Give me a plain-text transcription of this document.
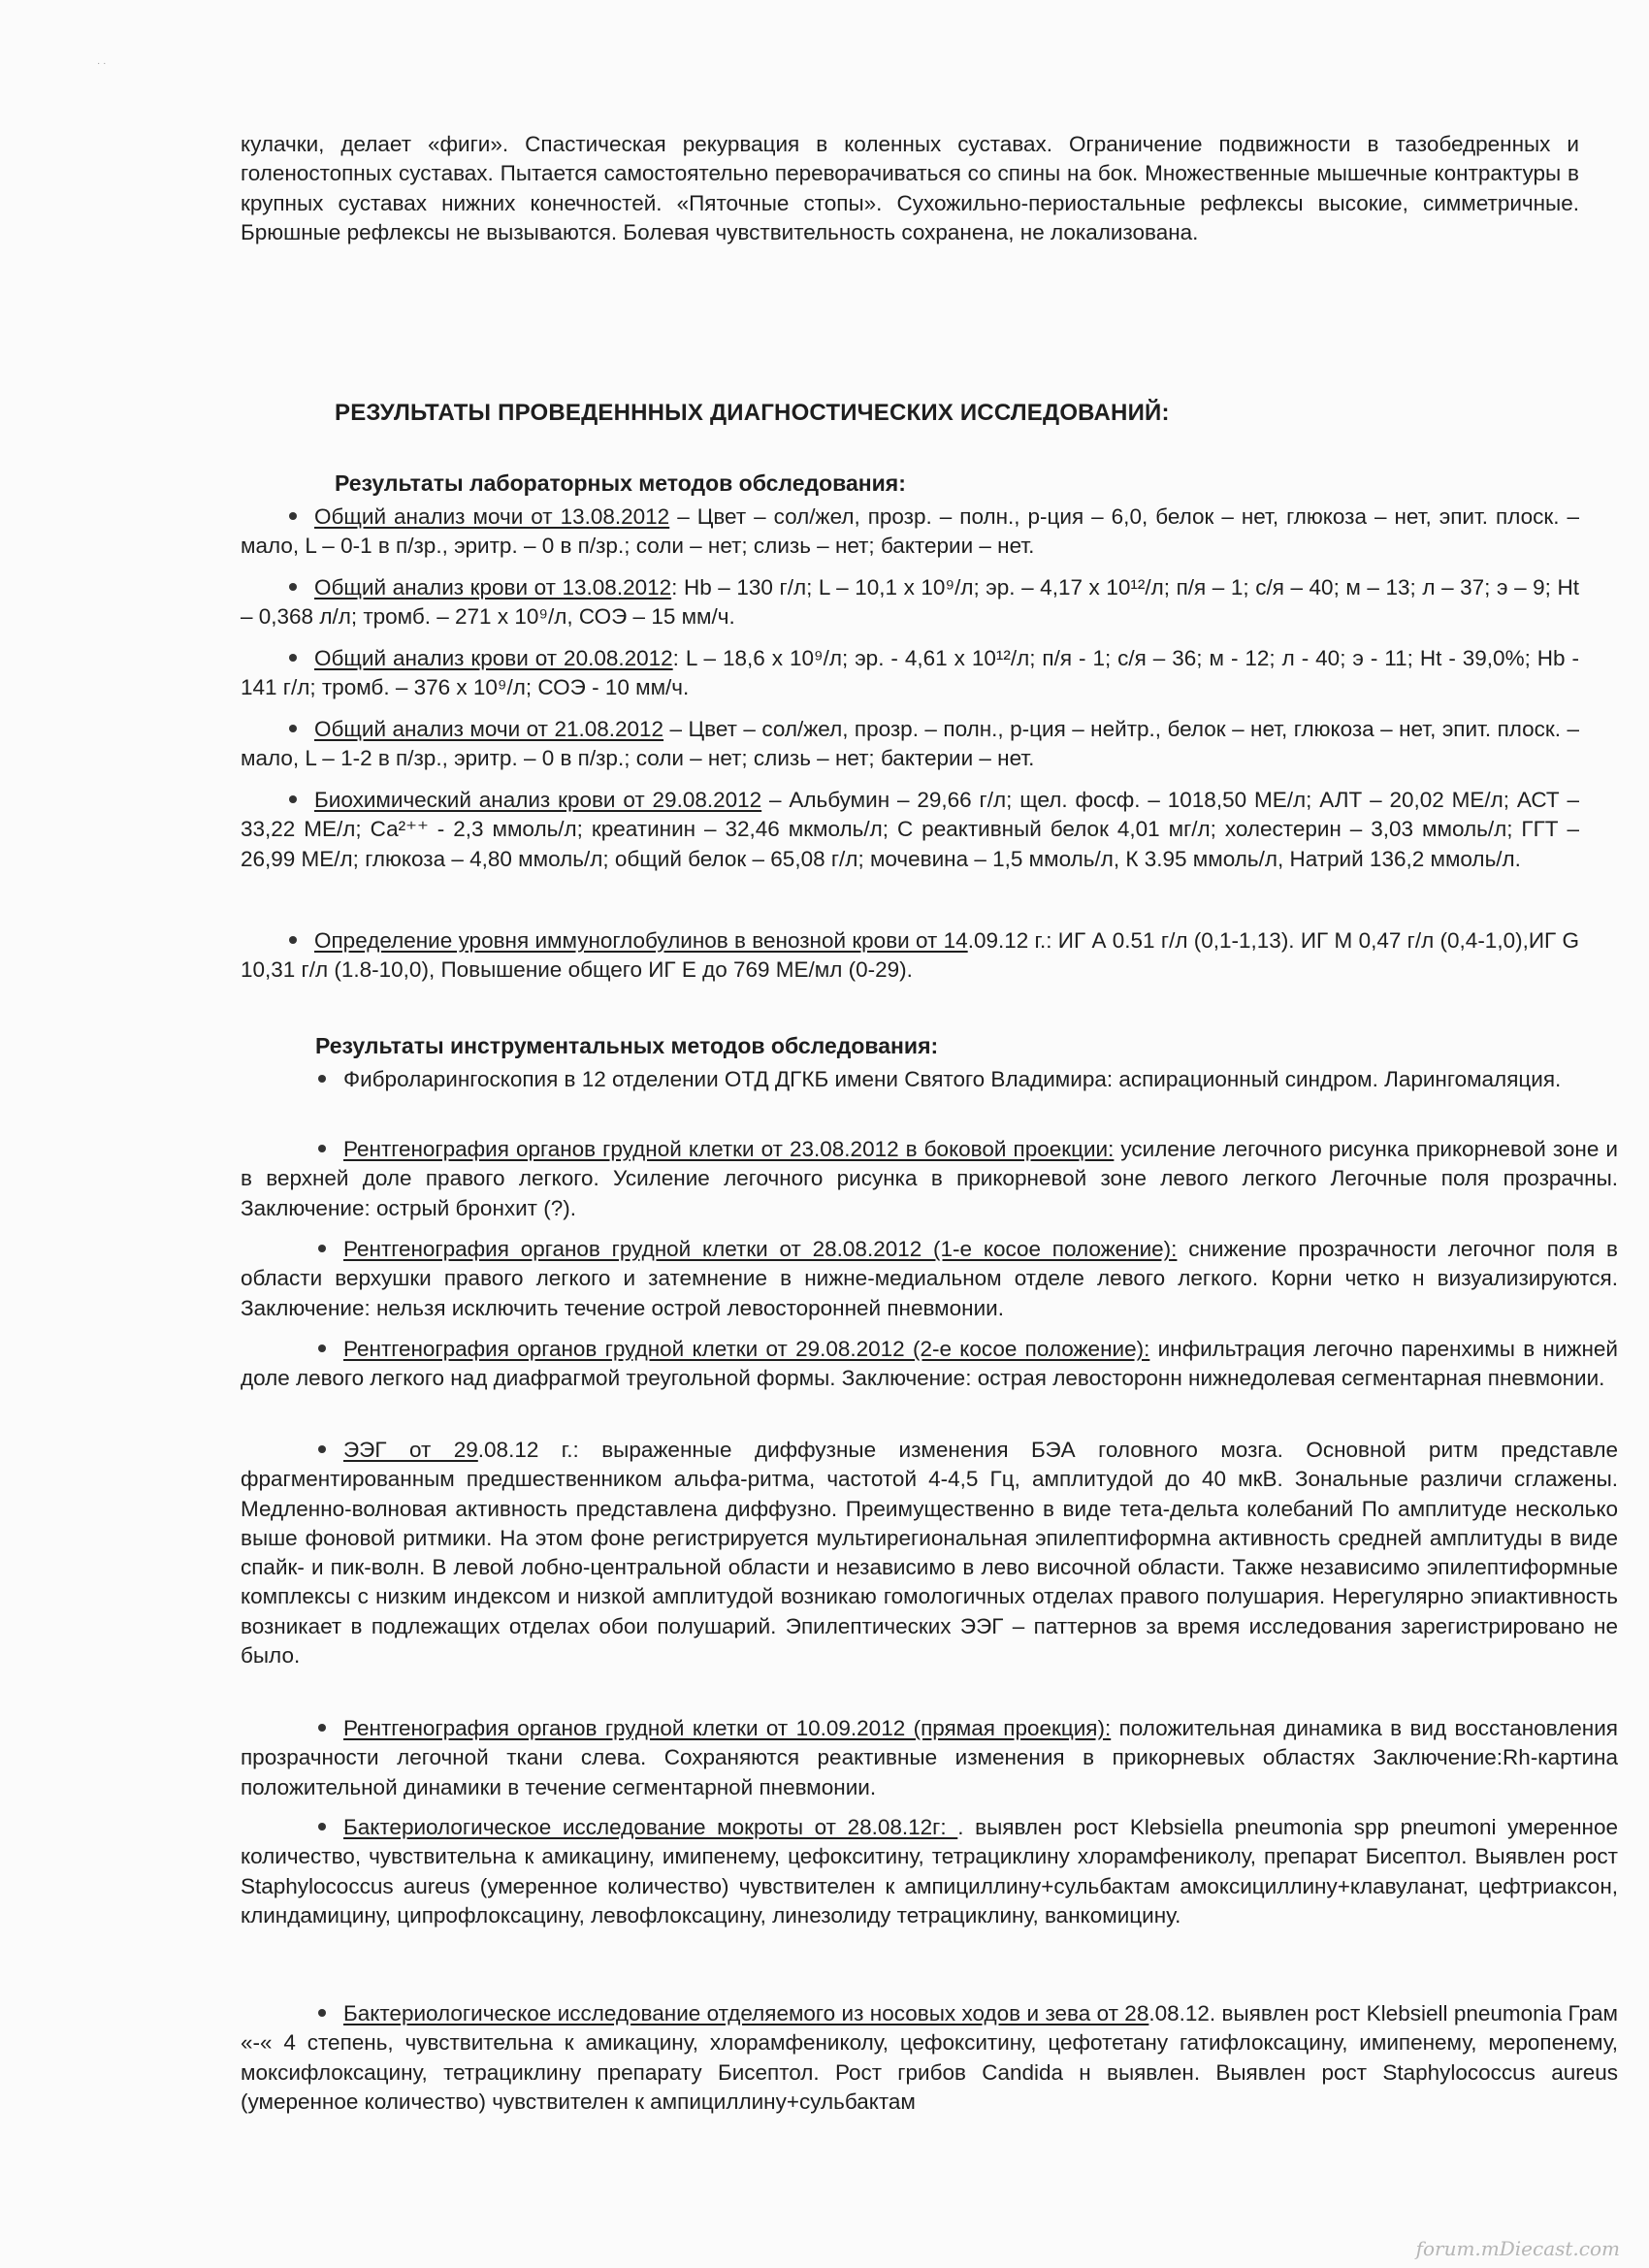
· ·

кулачки, делает «фиги». Спастическая рекурвация в коленных суставах. Ограничение подвижности в тазобедренных и голеностопных суставах. Пытается самостоятельно переворачиваться со спины на бок. Множественные мышечные контрактуры в крупных суставах нижних конечностей. «Пяточные стопы». Сухожильно-периостальные рефлексы высокие, симметричные. Брюшные рефлексы не вызываются. Болевая чувствительность сохранена, не локализована.

РЕЗУЛЬТАТЫ ПРОВЕДЕНННЫХ ДИАГНОСТИЧЕСКИХ ИССЛЕДОВАНИЙ:
Результаты лабораторных методов обследования:

Общий анализ мочи от 13.08.2012 – Цвет – сол/жел, прозр. – полн., р-ция – 6,0, белок – нет, глюкоза – нет, эпит. плоск. – мало, L – 0-1 в п/зр., эритр. – 0 в п/зр.; соли – нет; слизь – нет; бактерии – нет.

Общий анализ крови от 13.08.2012: Hb – 130 г/л; L – 10,1 x 10⁹/л; эр. – 4,17 x 10¹²/л; п/я – 1; с/я – 40; м – 13; л – 37; э – 9; Ht – 0,368 л/л; тромб. – 271 x 10⁹/л, СОЭ – 15 мм/ч.

Общий анализ крови от 20.08.2012: L – 18,6 x 10⁹/л; эр. - 4,61 x 10¹²/л; п/я - 1; с/я – 36; м - 12; л - 40; э - 11; Ht - 39,0%; Hb - 141 г/л; тромб. – 376 x 10⁹/л; СОЭ - 10 мм/ч.

Общий анализ мочи от 21.08.2012 – Цвет – сол/жел, прозр. – полн., р-ция – нейтр., белок – нет, глюкоза – нет, эпит. плоск. – мало, L – 1-2 в п/зр., эритр. – 0 в п/зр.; соли – нет; слизь – нет; бактерии – нет.

Биохимический анализ крови от 29.08.2012 – Альбумин – 29,66 г/л; щел. фосф. – 1018,50 МЕ/л; АЛТ – 20,02 МЕ/л; АСТ – 33,22 МЕ/л; Са²⁺⁺ - 2,3 ммоль/л; креатинин – 32,46 мкмоль/л; С реактивный белок 4,01 мг/л; холестерин – 3,03 ммоль/л; ГГТ – 26,99 МЕ/л; глюкоза – 4,80 ммоль/л; общий белок – 65,08 г/л; мочевина – 1,5 ммоль/л, К 3.95 ммоль/л, Натрий 136,2 ммоль/л.

Определение уровня иммуноглобулинов в венозной крови от 14.09.12 г.: ИГ А 0.51 г/л (0,1-1,13). ИГ М 0,47 г/л (0,4-1,0),ИГ G 10,31 г/л (1.8-10,0), Повышение общего ИГ Е до 769 МЕ/мл (0-29).

Результаты инструментальных методов обследования:

Фиброларингоскопия в 12 отделении ОТД ДГКБ имени Святого Владимира: аспирационный синдром. Ларингомаляция.

Рентгенография органов грудной клетки от 23.08.2012 в боковой проекции: усиление легочного рисунка прикорневой зоне и в верхней доле правого легкого. Усиление легочного рисунка в прикорневой зоне левого легкого Легочные поля прозрачны. Заключение: острый бронхит (?).

Рентгенография органов грудной клетки от 28.08.2012 (1-е косое положение): снижение прозрачности легочног поля в области верхушки правого легкого и затемнение в нижне-медиальном отделе левого легкого. Корни четко н визуализируются. Заключение: нельзя исключить течение острой левосторонней пневмонии.

Рентгенография органов грудной клетки от 29.08.2012 (2-е косое положение): инфильтрация легочно паренхимы в нижней доле левого легкого над диафрагмой треугольной формы. Заключение: острая левосторонн нижнедолевая сегментарная пневмонии.

ЭЭГ от 29.08.12 г.: выраженные диффузные изменения БЭА головного мозга. Основной ритм представле фрагментированным предшественником альфа-ритма, частотой 4-4,5 Гц, амплитудой до 40 мкВ. Зональные различи сглажены. Медленно-волновая активность представлена диффузно. Преимущественно в виде тета-дельта колебаний По амплитуде несколько выше фоновой ритмики. На этом фоне регистрируется мультирегиональная эпилептиформна активность средней амплитуды в виде спайк- и пик-волн. В левой лобно-центральной области и независимо в лево височной области. Также независимо эпилептиформные комплексы с низким индексом и низкой амплитудой возникаю гомологичных отделах правого полушария. Нерегулярно эпиактивность возникает в подлежащих отделах обои полушарий. Эпилептических ЭЭГ – паттернов за время исследования зарегистрировано не было.

Рентгенография органов грудной клетки от 10.09.2012 (прямая проекция): положительная динамика в вид восстановления прозрачности легочной ткани слева. Сохраняются реактивные изменения в прикорневых областях Заключение:Rh-картина положительной динамики в течение сегментарной пневмонии.

Бактериологическое исследование мокроты от 28.08.12г: . выявлен рост Klebsiella pneumonia spp pneumoni умеренное количество, чувствительна к амикацину, имипенему, цефокситину, тетрациклину хлорамфениколу, препарат Бисептол. Выявлен рост Staphylococcus aureus (умеренное количество) чувствителен к ампициллину+сульбактам амоксициллину+клавуланат, цефтриаксон, клиндамицину, ципрофлоксацину, левофлоксацину, линезолиду тетрациклину, ванкомицину.

Бактериологическое исследование отделяемого из носовых ходов и зева от 28.08.12. выявлен рост Klebsiell pneumonia Грам «-« 4 степень, чувствительна к амикацину, хлорамфениколу, цефокситину, цефотетану гатифлоксацину, имипенему, меропенему, моксифлоксацину, тетрациклину препарату Бисептол. Рост грибов Candida н выявлен. Выявлен рост Staphylococcus aureus (умеренное количество) чувствителен к ампициллину+сульбактам

forum.mDiecast.com
